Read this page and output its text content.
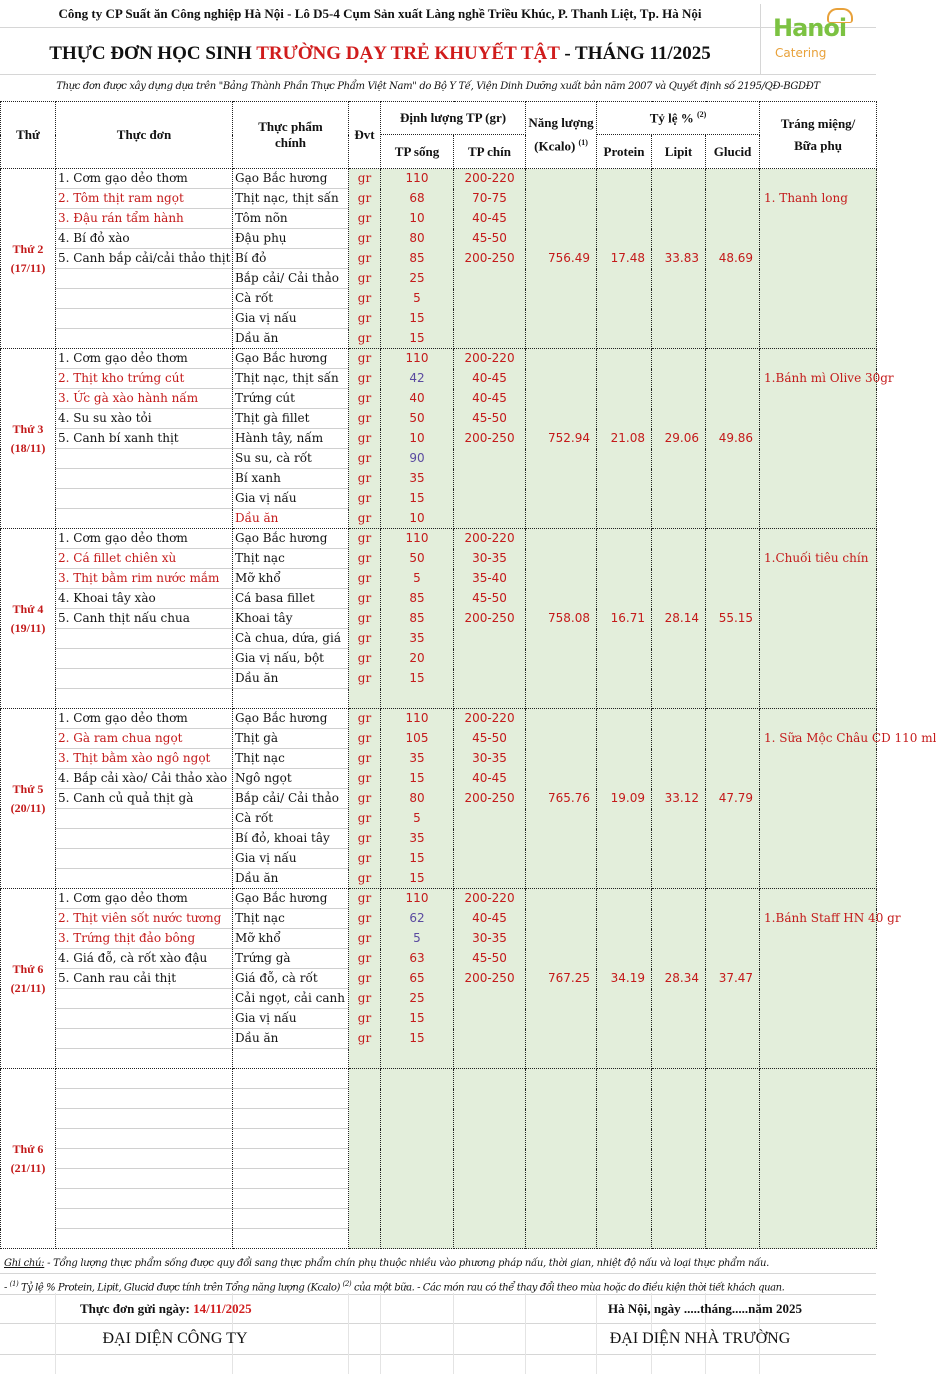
Công ty CP Suất ăn Công nghiệp Hà Nội - Lô D5-4 Cụm Sản xuất Làng nghề Triều Khúc, P. Thanh Liệt, Tp. Hà Nội
THỰC ĐƠN HỌC SINH TRƯỜNG DẠY TRẺ KHUYẾT TẬT - THÁNG 11/2025
Hanoi
Catering
Thực đơn được xây dựng dựa trên "Bảng Thành Phần Thực Phẩm Việt Nam" do Bộ Y Tế, Viện Dinh Dưỡng xuất bản năm 2007 và Quyết định số 2195/QĐ-BGDĐT
Thứ	Thực đơn	Thực phẩm chính	Đvt	Định lượng TP (gr)		Năng lượng (Kcalo) $^{(1)}$	Tỷ lệ % $^{(2)}$			Tráng miệng/ Bữa phụ
				TP sống	TP chín		Protein	Lipit	Glucid	

Thứ 2
(17/11)	1. Cơm gạo dẻo thơm	Gạo Bắc hương	gr	110	200-220	756.49	17.48	33.83	48.69	1. Thanh long
	2. Tôm thịt ram ngọt	Thịt nạc, thịt sấn	gr	68	70-75					
	3. Đậu rán tẩm hành	Tôm nõn	gr	10	40-45					
	4. Bí đỏ xào	Đậu phụ	gr	80	45-50					
	5. Canh bắp cải/cải thảo thịt	Bí đỏ	gr	85	200-250					
		Bắp cải/ Cải thảo	gr	25						
		Cà rốt	gr	5						
		Gia vị nấu	gr	15						
		Dầu ăn	gr	15						

Thứ 3
(18/11)	1. Cơm gạo dẻo thơm	Gạo Bắc hương	gr	110	200-220	752.94	21.08	29.06	49.86	1.Bánh mì Olive 30gr
	2. Thịt kho trứng cút	Thịt nạc, thịt sấn	gr	42	40-45					
	3. Ức gà xào hành nấm	Trứng cút	gr	40	40-45					
	4. Su su xào tỏi	Thịt gà fillet	gr	50	45-50					
	5. Canh bí xanh thịt	Hành tây, nấm	gr	10	200-250					
		Su su, cà rốt	gr	90						
		Bí xanh	gr	35						
		Gia vị nấu	gr	15						
		Dầu ăn	gr	10						

Thứ 4
(19/11)	1. Cơm gạo dẻo thơm	Gạo Bắc hương	gr	110	200-220	758.08	16.71	28.14	55.15	1.Chuối tiêu chín
	2. Cá fillet chiên xù	Thịt nạc	gr	50	30-35					
	3. Thịt bằm rim nước mắm	Mỡ khổ	gr	5	35-40					
	4. Khoai tây xào	Cá basa fillet	gr	85	45-50					
	5. Canh thịt nấu chua	Khoai tây	gr	85	200-250					
		Cà chua, dứa, giá	gr	35						
		Gia vị nấu, bột	gr	20						
		Dầu ăn	gr	15						

Thứ 5
(20/11)	1. Cơm gạo dẻo thơm	Gạo Bắc hương	gr	110	200-220	765.76	19.09	33.12	47.79	1. Sữa Mộc Châu CD 110 ml
	2. Gà ram chua ngọt	Thịt gà	gr	105	45-50					
	3. Thịt bằm xào ngô ngọt	Thịt nạc	gr	35	30-35					
	4. Bắp cải xào/ Cải thảo xào	Ngô ngọt	gr	15	40-45					
	5. Canh củ quả thịt gà	Bắp cải/ Cải thảo	gr	80	200-250					
		Cà rốt	gr	5						
		Bí đỏ, khoai tây	gr	35						
		Gia vị nấu	gr	15						
		Dầu ăn	gr	15						

Thứ 6
(21/11)	1. Cơm gạo dẻo thơm	Gạo Bắc hương	gr	110	200-220	767.25	34.19	28.34	37.47	1.Bánh Staff HN 40 gr
	2. Thịt viên sốt nước tương	Thịt nạc	gr	62	40-45					
	3. Trứng thịt đảo bông	Mỡ khổ	gr	5	30-35					
	4. Giá đỗ, cà rốt xào đậu	Trứng gà	gr	63	45-50					
	5. Canh rau cải thịt	Giá đỗ, cà rốt	gr	65	200-250					
		Cải ngọt, cải canh	gr	25						
		Gia vị nấu	gr	15						
		Dầu ăn	gr	15						

Thứ 6
(21/11)										

Ghi chú: - Tổng lượng thực phẩm sống được quy đổi sang thực phẩm chín phụ thuộc nhiều vào phương pháp nấu, thời gian, nhiệt độ nấu và loại thực phẩm nấu.
- $^{(1)}$ Tỷ lệ % Protein, Lipit, Glucid được tính trên Tổng năng lượng (Kcalo) $^{(2)}$ của một bữa. - Các món rau có thể thay đổi theo mùa hoặc do điều kiện thời tiết khách quan.
Thực đơn gửi ngày: 14/11/2025	Hà Nội, ngày .....tháng.....năm 2025
ĐẠI DIỆN CÔNG TY	ĐẠI DIỆN NHÀ TRƯỜNG
